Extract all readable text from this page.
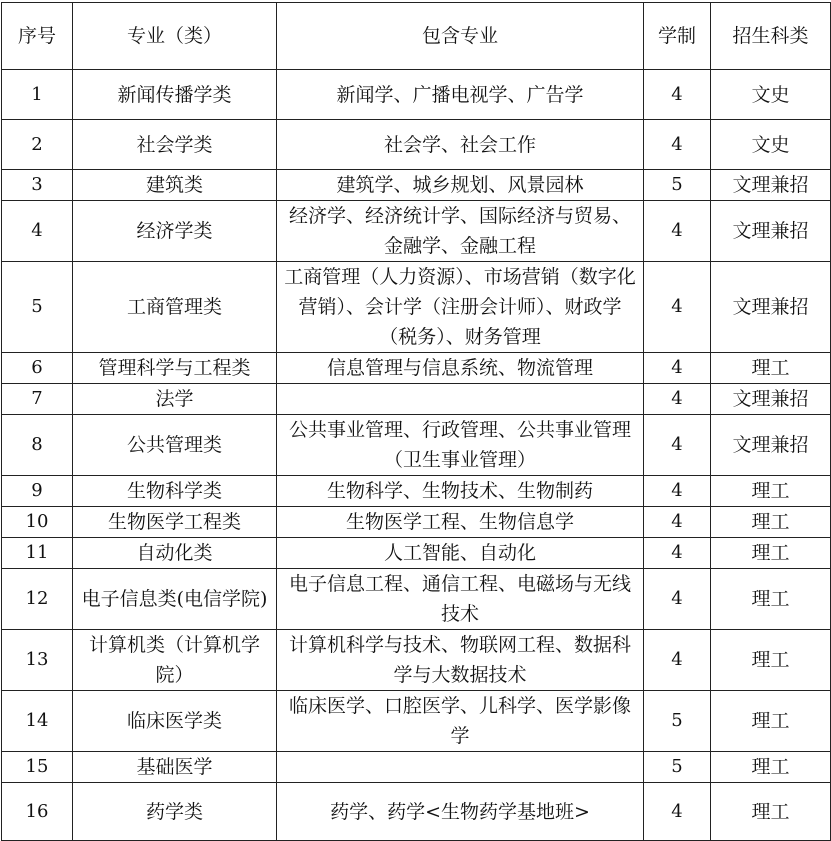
序号	专业（类）	包含专业	学制	招生科类
1	新闻传播学类	新闻学、广播电视学、广告学	4	文史
2	社会学类	社会学、社会工作	4	文史
3	建筑类	建筑学、城乡规划、风景园林	5	文理兼招
4	经济学类	经济学、经济统计学、国际经济与贸易、金融学、金融工程	4	文理兼招
5	工商管理类	工商管理（人力资源）、市场营销（数字化营销）、会计学（注册会计师）、财政学（税务）、财务管理	4	文理兼招
6	管理科学与工程类	信息管理与信息系统、物流管理	4	理工
7	法学		4	文理兼招
8	公共管理类	公共事业管理、行政管理、公共事业管理（卫生事业管理）	4	文理兼招
9	生物科学类	生物科学、生物技术、生物制药	4	理工
10	生物医学工程类	生物医学工程、生物信息学	4	理工
11	自动化类	人工智能、自动化	4	理工
12	电子信息类(电信学院)	电子信息工程、通信工程、电磁场与无线技术	4	理工
13	计算机类（计算机学院）	计算机科学与技术、物联网工程、数据科学与大数据技术	4	理工
14	临床医学类	临床医学、口腔医学、儿科学、医学影像学	5	理工
15	基础医学		5	理工
16	药学类	药学、药学<生物药学基地班>	4	理工
